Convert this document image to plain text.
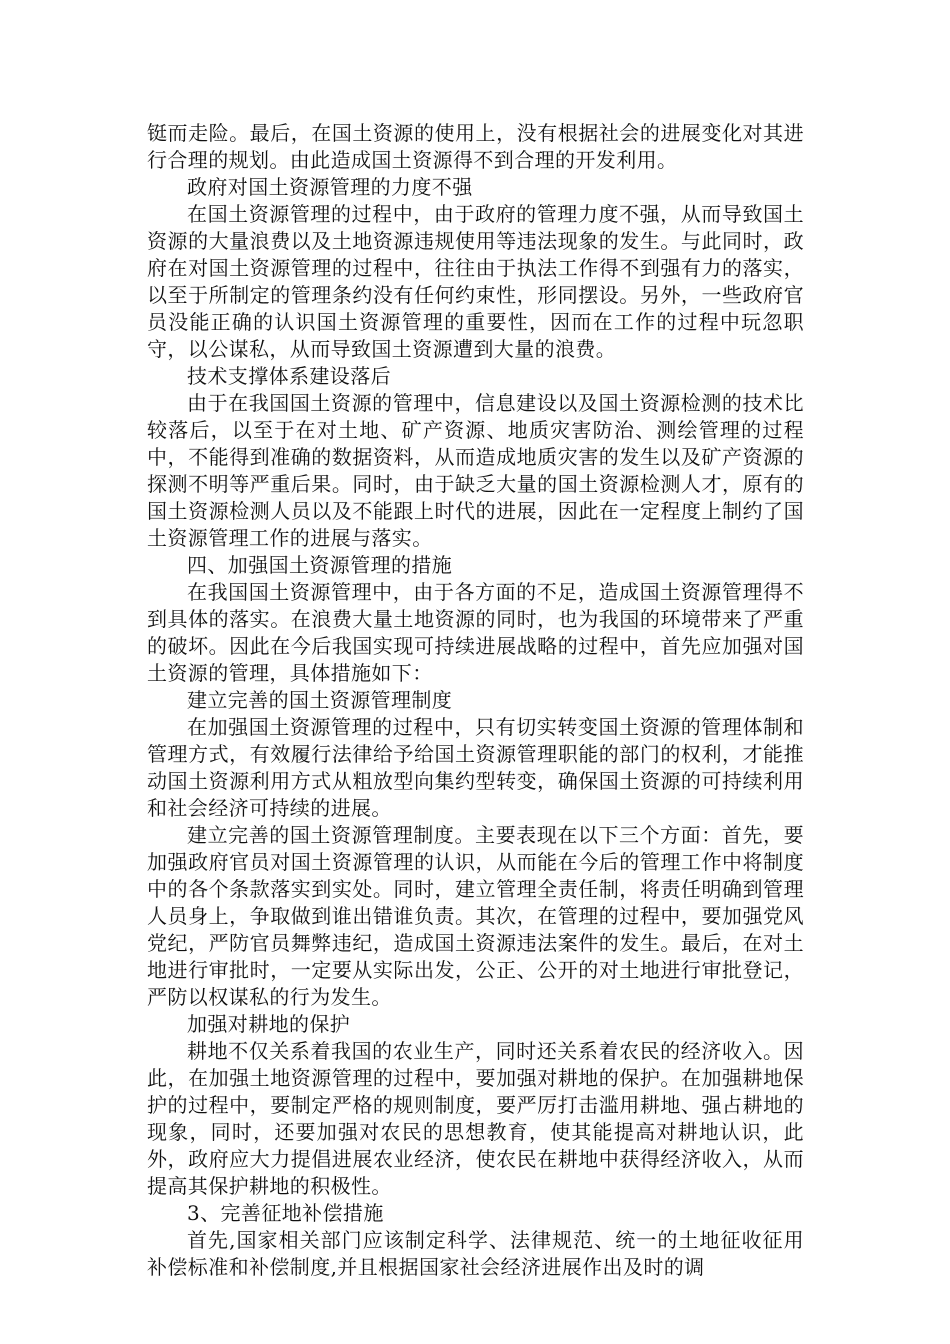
铤而走险。最后，在国土资源的使用上，没有根据社会的进展变化对其进行合理的规划。由此造成国土资源得不到合理的开发利用。

政府对国土资源管理的力度不强

在国土资源管理的过程中，由于政府的管理力度不强，从而导致国土资源的大量浪费以及土地资源违规使用等违法现象的发生。与此同时，政府在对国土资源管理的过程中，往往由于执法工作得不到强有力的落实，以至于所制定的管理条约没有任何约束性，形同摆设。另外，一些政府官员没能正确的认识国土资源管理的重要性，因而在工作的过程中玩忽职守，以公谋私，从而导致国土资源遭到大量的浪费。

技术支撑体系建设落后

由于在我国国土资源的管理中，信息建设以及国土资源检测的技术比较落后，以至于在对土地、矿产资源、地质灾害防治、测绘管理的过程中，不能得到准确的数据资料，从而造成地质灾害的发生以及矿产资源的探测不明等严重后果。同时，由于缺乏大量的国土资源检测人才，原有的国土资源检测人员以及不能跟上时代的进展，因此在一定程度上制约了国土资源管理工作的进展与落实。

四、加强国土资源管理的措施

在我国国土资源管理中，由于各方面的不足，造成国土资源管理得不到具体的落实。在浪费大量土地资源的同时，也为我国的环境带来了严重的破坏。因此在今后我国实现可持续进展战略的过程中，首先应加强对国土资源的管理，具体措施如下：

建立完善的国土资源管理制度

在加强国土资源管理的过程中，只有切实转变国土资源的管理体制和管理方式，有效履行法律给予给国土资源管理职能的部门的权利，才能推动国土资源利用方式从粗放型向集约型转变，确保国土资源的可持续利用和社会经济可持续的进展。

建立完善的国土资源管理制度。主要表现在以下三个方面：首先，要加强政府官员对国土资源管理的认识，从而能在今后的管理工作中将制度中的各个条款落实到实处。同时，建立管理全责任制，将责任明确到管理人员身上，争取做到谁出错谁负责。其次，在管理的过程中，要加强党风党纪，严防官员舞弊违纪，造成国土资源违法案件的发生。最后，在对土地进行审批时，一定要从实际出发，公正、公开的对土地进行审批登记，严防以权谋私的行为发生。

加强对耕地的保护

耕地不仅关系着我国的农业生产，同时还关系着农民的经济收入。因此，在加强土地资源管理的过程中，要加强对耕地的保护。在加强耕地保护的过程中，要制定严格的规则制度，要严厉打击滥用耕地、强占耕地的现象，同时，还要加强对农民的思想教育，使其能提高对耕地认识，此外，政府应大力提倡进展农业经济，使农民在耕地中获得经济收入，从而提高其保护耕地的积极性。

3、完善征地补偿措施

首先,国家相关部门应该制定科学、法律规范、统一的土地征收征用补偿标准和补偿制度,并且根据国家社会经济进展作出及时的调
